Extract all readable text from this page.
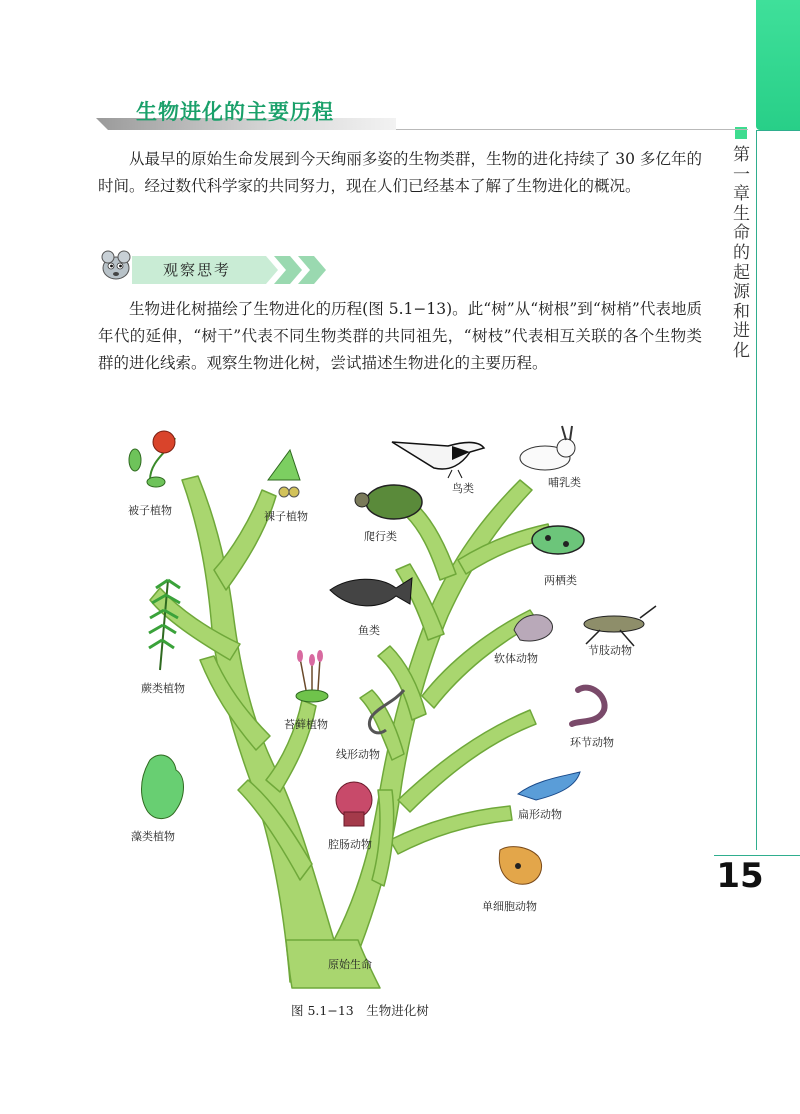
第一章 生命的起源和进化
15
生物进化的主要历程
从最早的原始生命发展到今天绚丽多姿的生物类群，生物的进化持续了 30 多亿年的时间。经过数代科学家的共同努力，现在人们已经基本了解了生物进化的概况。
观察思考
生物进化树描绘了生物进化的历程(图 5.1−13)。此“树”从“树根”到“树梢”代表地质年代的延伸，“树干”代表不同生物类群的共同祖先，“树枝”代表相互关联的各个生物类群的进化线索。观察生物进化树，尝试描述生物进化的主要历程。
被子植物	裸子植物
蕨类植物
苔藓植物
藻类植物
鸟类	哺乳类
爬行类
两栖类
鱼类
软体动物
节肢动物
环节动物
线形动物
扁形动物
腔肠动物
单细胞动物
原始生命
图 5.1−13　生物进化树
